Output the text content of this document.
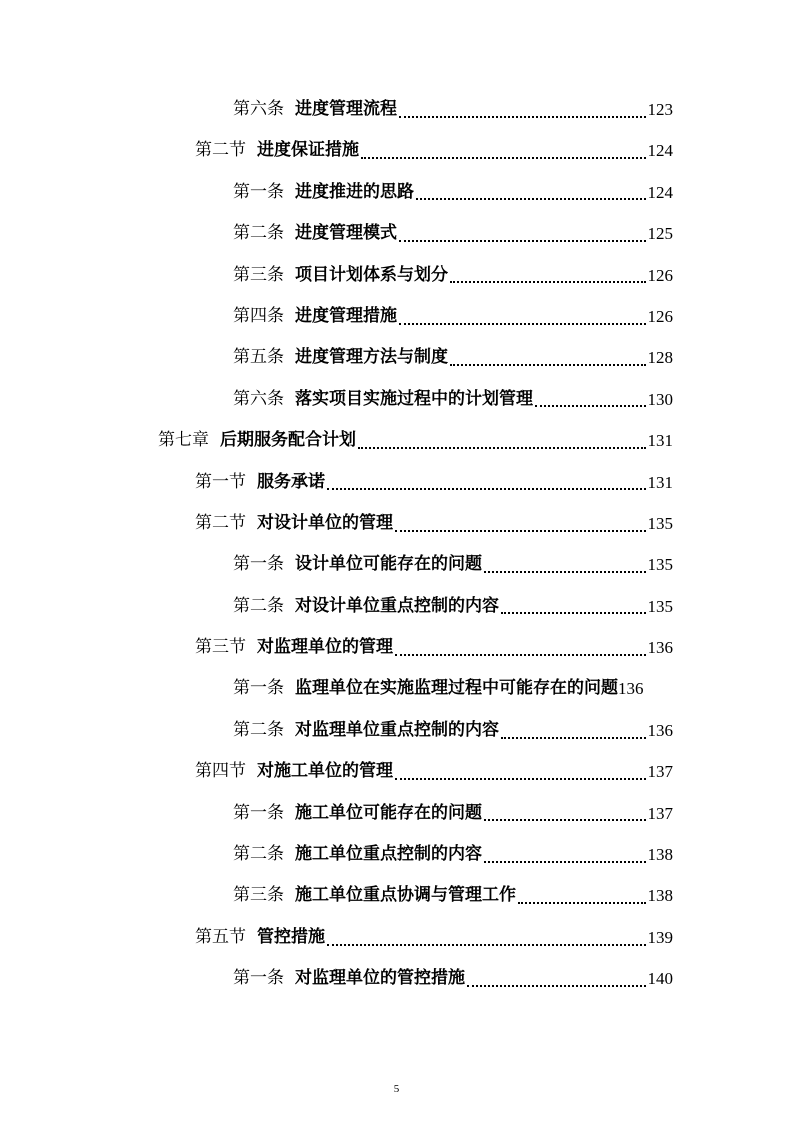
第六条 进度管理流程	123
第二节 进度保证措施	124
第一条 进度推进的思路	124
第二条 进度管理模式	125
第三条 项目计划体系与划分	126
第四条 进度管理措施	126
第五条 进度管理方法与制度	128
第六条 落实项目实施过程中的计划管理	130
第七章 后期服务配合计划	131
第一节 服务承诺	131
第二节 对设计单位的管理	135
第一条 设计单位可能存在的问题	135
第二条 对设计单位重点控制的内容	135
第三节 对监理单位的管理	136
第一条 监理单位在实施监理过程中可能存在的问题 136
第二条 对监理单位重点控制的内容	136
第四节 对施工单位的管理	137
第一条 施工单位可能存在的问题	137
第二条 施工单位重点控制的内容	138
第三条 施工单位重点协调与管理工作	138
第五节 管控措施	139
第一条 对监理单位的管控措施	140
5
